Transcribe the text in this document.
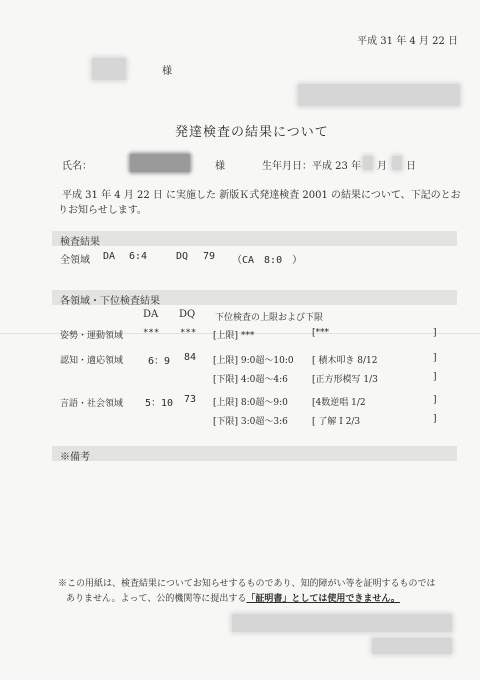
平成 31 年 4 月 22 日
様
発達検査の結果について
氏名：	様	生年月日：平成 23 年 月 日
平成 31 年 4 月 22 日 に実施した 新版Ｋ式発達検査 2001 の結果について、下記のとお
りお知らせします。
検査結果
全領域 DA 6:4	DQ 79 （CA　8:0　）
各領域・下位検査結果
DA DQ 下位検査の上限および下限
姿勢・運動領域 *** *** [上限] ***	[***	]
認知・適応領域 6：9 84 [上限] 9:0超〜10:0 [ 積木叩き 8/12	]
[下限] 4:0超〜4:6	[正方形模写 1/3	]
言語・社会領域 5：10 73 [上限] 8:0超〜9:0	[4数逆唱 1/2	]
[下限] 3:0超〜3:6	[ 了解 I 2/3	]
※備考
※この用紙は、検査結果についてお知らせするものであり、知的障がい等を証明するものでは
ありません。よって、公的機関等に提出する「証明書」としては使用できません。
